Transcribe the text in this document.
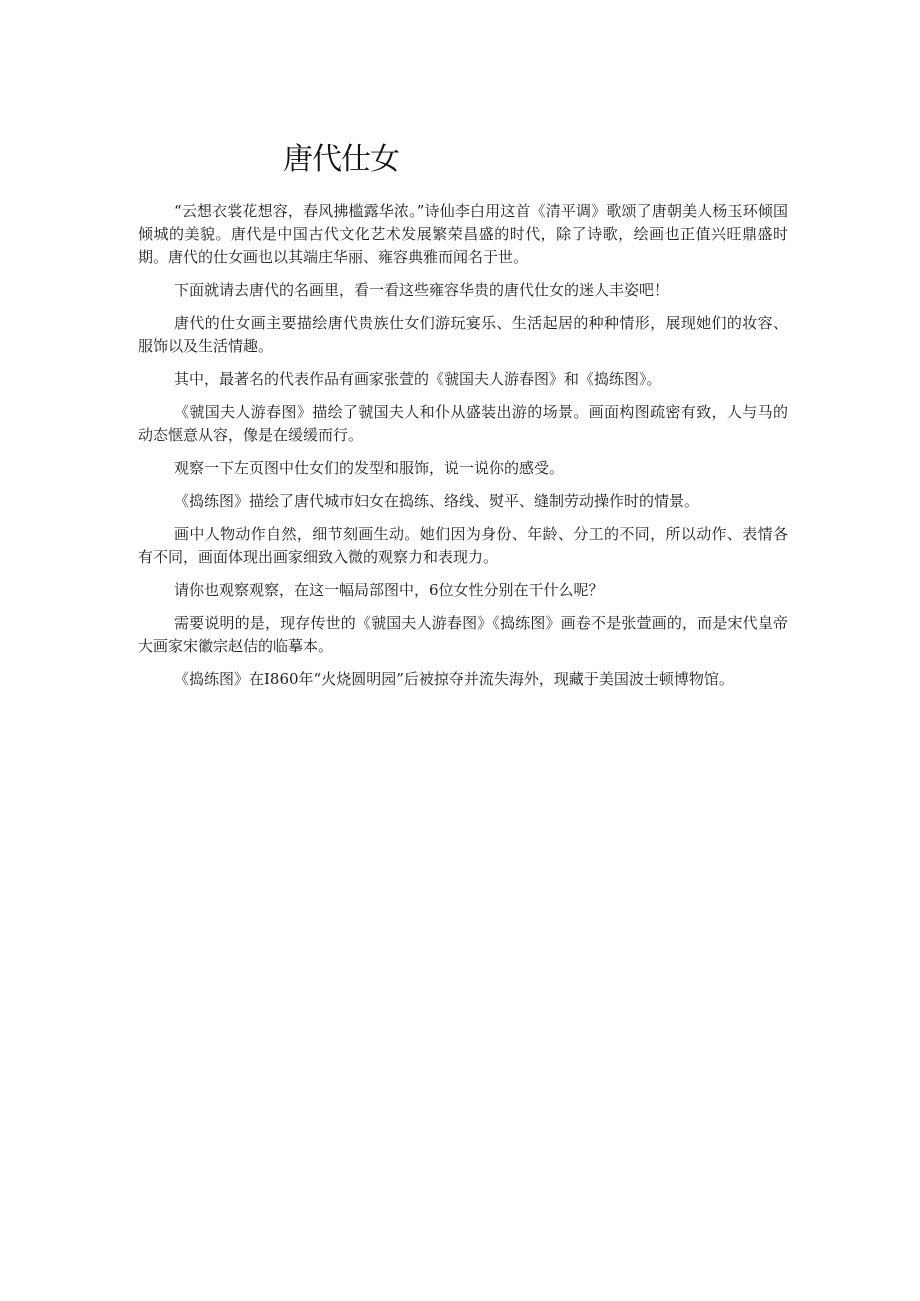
唐代仕女

“云想衣裳花想容，春风拂槛露华浓。”诗仙李白用这首《清平调》歌颂了唐朝美人杨玉环倾国倾城的美貌。唐代是中国古代文化艺术发展繁荣昌盛的时代，除了诗歌，绘画也正值兴旺鼎盛时期。唐代的仕女画也以其端庄华丽、雍容典雅而闻名于世。

下面就请去唐代的名画里，看一看这些雍容华贵的唐代仕女的迷人丰姿吧！

唐代的仕女画主要描绘唐代贵族仕女们游玩宴乐、生活起居的种种情形，展现她们的妆容、服饰以及生活情趣。

其中，最著名的代表作品有画家张萱的《虢国夫人游春图》和《捣练图》。

《虢国夫人游春图》描绘了虢国夫人和仆从盛装出游的场景。画面构图疏密有致，人与马的动态惬意从容，像是在缓缓而行。

观察一下左页图中仕女们的发型和服饰，说一说你的感受。

《捣练图》描绘了唐代城市妇女在捣练、络线、熨平、缝制劳动操作时的情景。

画中人物动作自然，细节刻画生动。她们因为身份、年龄、分工的不同，所以动作、表情各有不同，画面体现出画家细致入微的观察力和表现力。

请你也观察观察，在这一幅局部图中，6位女性分别在干什么呢？

需要说明的是，现存传世的《虢国夫人游春图》《捣练图》画卷不是张萱画的，而是宋代皇帝大画家宋徽宗赵佶的临摹本。

《捣练图》在I860年“火烧圆明园”后被掠夺并流失海外，现藏于美国波士顿博物馆。
